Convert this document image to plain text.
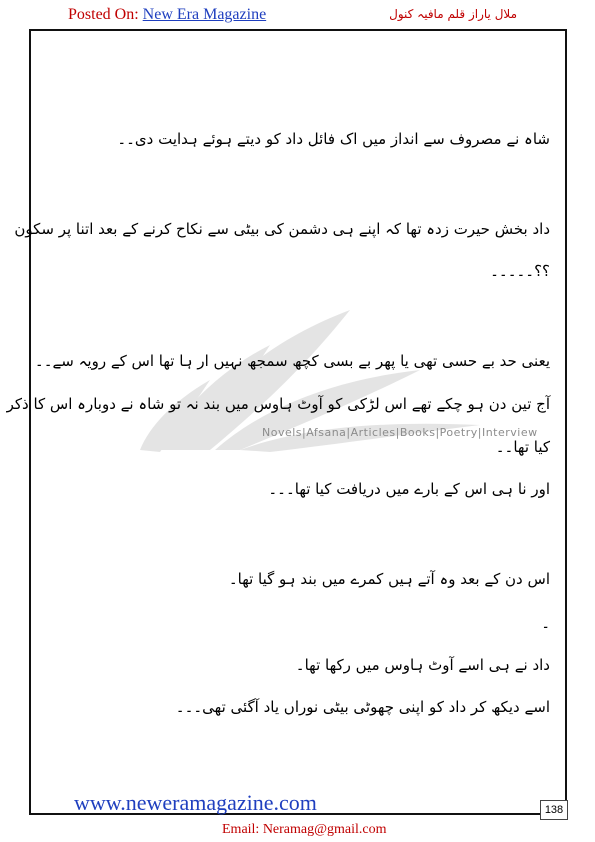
Posted On: New Era Magazine	ملال یاراز قلم مافیہ کنول
Novels|Afsana|Articles|Books|Poetry|Interview
شاہ نے مصروف سے انداز میں اک فائل داد کو دیتے ہوئے ہدایت دی۔۔
داد بخش حیرت زدہ تھا کہ اپنے ہی دشمن کی بیٹی سے نکاح کرنے کے بعد اتنا پر سکون
؟؟۔۔۔۔۔
یعنی حد بے حسی تھی یا پھر بے بسی کچھ سمجھ نہیں ار ہا تھا اس کے رویہ سے۔۔
آج تین دن ہو چکے تھے اس لڑکی کو آوٹ ہاوس میں بند نہ تو شاہ نے دوبارہ اس کا ذکر
کیا تھا۔۔
اور نا ہی اس کے بارے میں دریافت کیا تھا۔۔۔
اس دن کے بعد وہ آتے ہیں کمرے میں بند ہو گیا تھا۔
۔
داد نے ہی اسے آوٹ ہاوس میں رکھا تھا۔
اسے دیکھ کر داد کو اپنی چھوٹی بیٹی نوراں یاد آگئی تھی۔۔۔
www.neweramagazine.com	138
Email: Neramag@gmail.com
